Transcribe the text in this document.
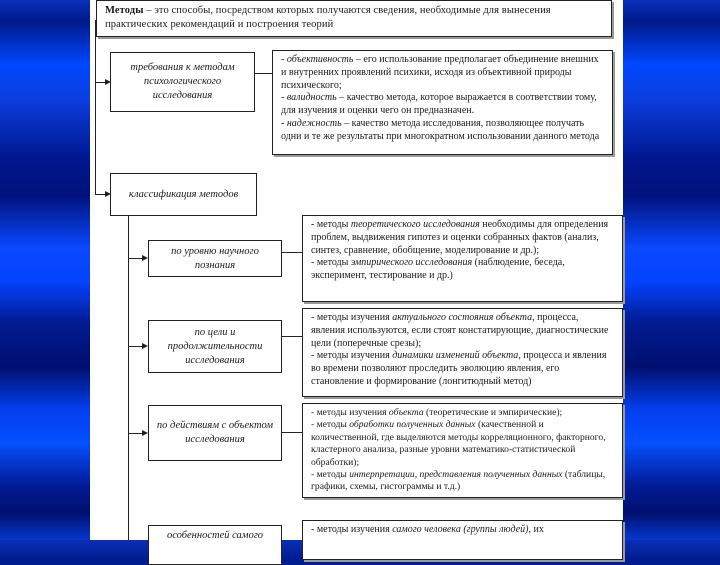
Методы – это способы, посредством которых получаются сведения, необходимые для вынесения практических рекомендаций и построения теорий
требования к методам психологического исследования

- объективность – его использование предполагает объединение внешних и внутренних проявлений психики, исходя из объективной природы психического;

- валидность – качество метода, которое выражается в соответствии тому, для изучения и оценки чего он предназначен.

- надежность – качество метода исследования, позволяющее получать одни и те же результаты при многократном использовании данного метода

классификация методов
по уровню научного познания

- методы теоретического исследования необходимы для определения проблем, выдвижения гипотез и оценки собранных фактов (анализ, синтез, сравнение, обобщение, моделирование и др.);

- методы эмпирического исследования (наблюдение, беседа, эксперимент, тестирование и др.)

по цели и продолжительности исследования

- методы изучения актуального состояния объекта, процесса, явления используются, если стоят констатирующие, диагностические цели (поперечные срезы);

- методы изучения динамики изменений объекта, процесса и явления во времени позволяют проследить эволюцию явления, его становление и формирование (лонгитюдный метод)

по действиям с объектом исследования

- методы изучения объекта (теоретические и эмпирические);

- методы обработки полученных данных (качественной и количественной, где выделяются методы корреляционного, факторного, кластерного анализа, разные уровни математико-статистической обработки);

- методы интерпретации, представления полученных данных (таблицы, графики, схемы, гистограммы и т.д.)

особенностей самого

- методы изучения самого человека (группы людей), их
